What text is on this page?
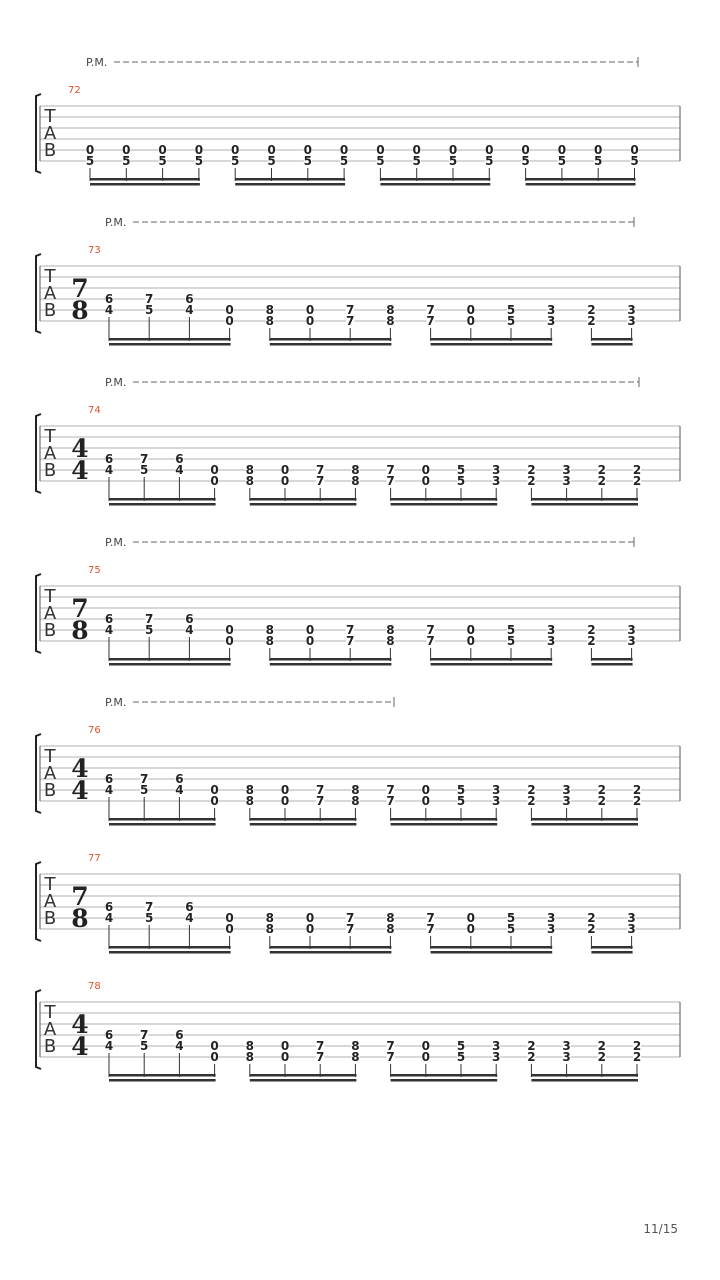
T
A
B
72
P.M.
0
5
0
5
0
5
0
5
0
5
0
5
0
5
0
5
0
5
0
5
0
5
0
5
0
5
0
5
0
5
0
5
T
A
B
73
P.M.
7
8 6
4
7
5
6
4	0
0
8
8
0
0
7
7
8
8
7
7
0
0
5
5
3
3
2
2
3
3
T
A
B
74
P.M.
4
4 6
4
7
5
6
4 0
0
8
8
0
0
7
7
8
8
7
7
0
0
5
5
3
3
2
2
3
3
2
2
2
2
T
A
B
75
P.M.
7
8 6
4
7
5
6
4	0
0
8
8
0
0
7
7
8
8
7
7
0
0
5
5
3
3
2
2
3
3
T
A
B
76
P.M.
4
4 6
4
7
5
6
4 0
0
8
8
0
0
7
7
8
8
7
7
0
0
5
5
3
3
2
2
3
3
2
2
2
2
T
A
B
77
7
8 6
4
7
5
6
4	0
0
8
8
0
0
7
7
8
8
7
7
0
0
5
5
3
3
2
2
3
3
T
A
B
78
4
4 6
4
7
5
6
4 0
0
8
8
0
0
7
7
8
8
7
7
0
0
5
5
3
3
2
2
3
3
2
2
2
2
11/15
